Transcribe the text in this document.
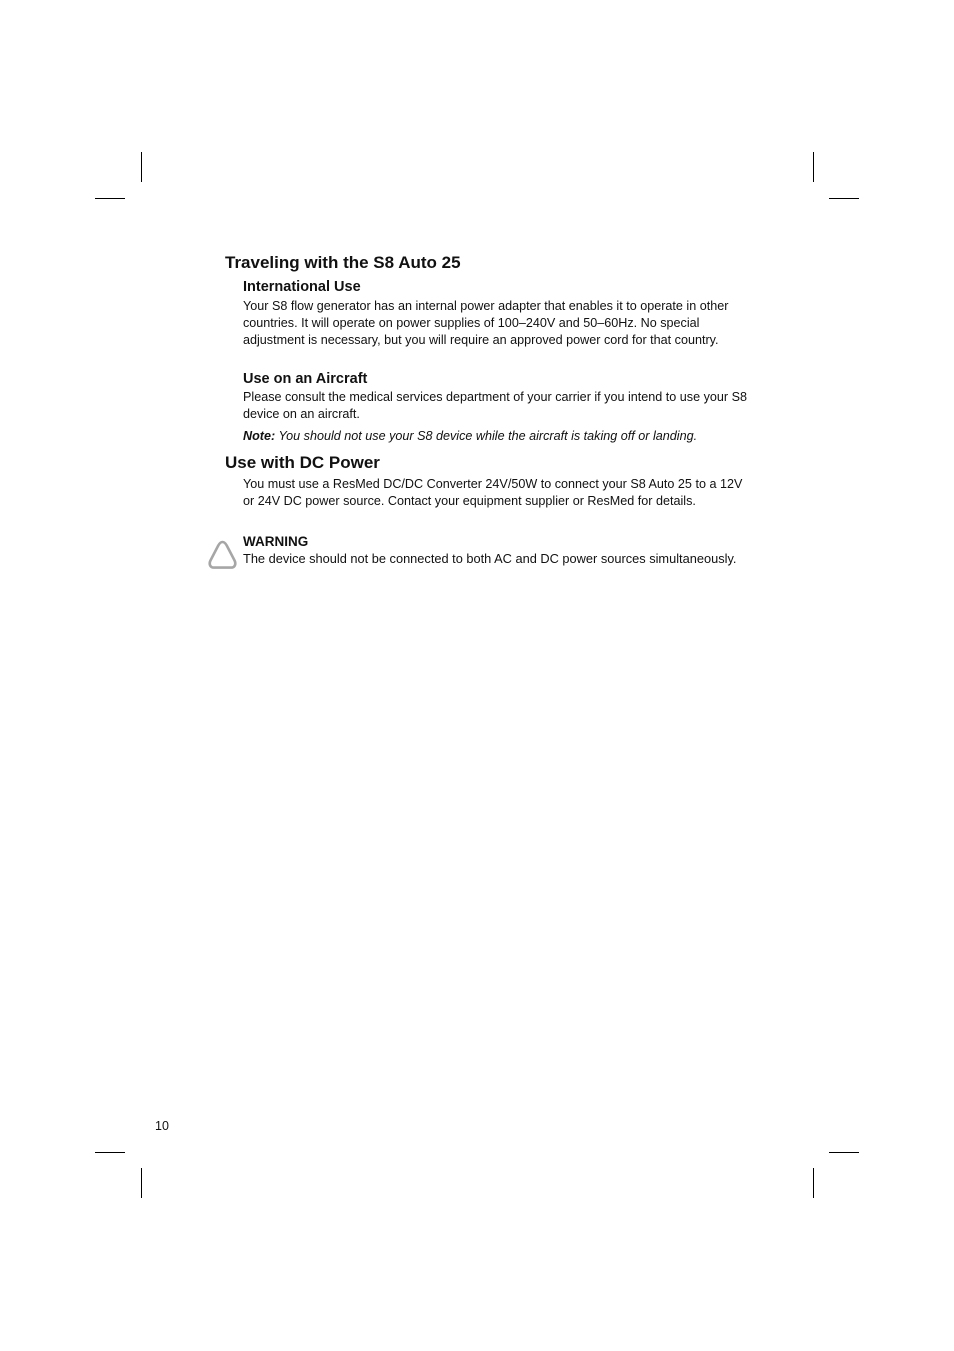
Traveling with the S8 Auto 25
International Use

Your S8 flow generator has an internal power adapter that enables it to operate in other countries. It will operate on power supplies of 100–240V and 50–60Hz. No special adjustment is necessary, but you will require an approved power cord for that country.

Use on an Aircraft

Please consult the medical services department of your carrier if you intend to use your S8 device on an aircraft.

Note: You should not use your S8 device while the aircraft is taking off or landing.

Use with DC Power

You must use a ResMed DC/DC Converter 24V/50W to connect your S8 Auto 25 to a 12V or 24V DC power source. Contact your equipment supplier or ResMed for details.

WARNING

The device should not be connected to both AC and DC power sources simultaneously.

10
